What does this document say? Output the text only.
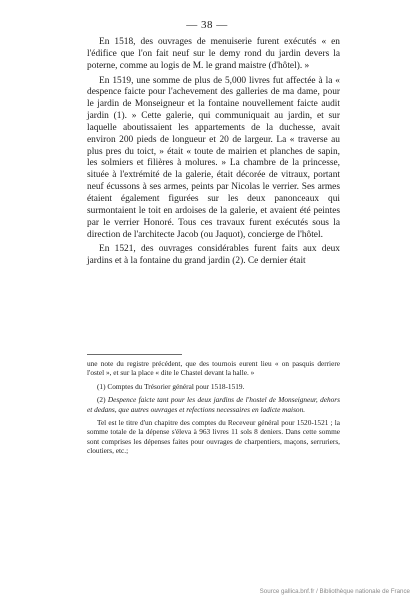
— 38 —

En 1518, des ouvrages de menuiserie furent exécutés « en l'édifice que l'on fait neuf sur le demy rond du jardin devers la poterne, comme au logis de M. le grand maistre (d'hôtel). »

En 1519, une somme de plus de 5,000 livres fut affectée à la « despence faicte pour l'achevement des galleries de ma dame, pour le jardin de Monseigneur et la fontaine nouvellement faicte audit jardin (1). » Cette galerie, qui communiquait au jardin, et sur laquelle aboutissaient les appartements de la duchesse, avait environ 200 pieds de longueur et 20 de largeur. La « traverse au plus pres du toict, » était « toute de mairien et planches de sapin, les solmiers et filières à molures. » La chambre de la princesse, située à l'extrémité de la galerie, était décorée de vitraux, portant neuf écussons à ses armes, peints par Nicolas le verrier. Ses armes étaient également figurées sur les deux panonceaux qui surmontaient le toit en ardoises de la galerie, et avaient été peintes par le verrier Honoré. Tous ces travaux furent exécutés sous la direction de l'architecte Jacob (ou Jaquot), concierge de l'hôtel.

En 1521, des ouvrages considérables furent faits aux deux jardins et à la fontaine du grand jardin (2). Ce dernier était

une note du registre précédent, que des tournois eurent lieu « on pasquis derriere l'ostel », et sur la place « dite le Chastel devant la halle. »

(1) Comptes du Trésorier général pour 1518-1519.

(2) Despence faicte tant pour les deux jardins de l'hostel de Monseigneur, dehors et dedans, que autres ouvrages et refections necessaires en ladicte maison.

Tel est le titre d'un chapitre des comptes du Receveur général pour 1520-1521 ; la somme totale de la dépense s'éleva à 963 livres 11 sols 8 deniers. Dans cette somme sont comprises les dépenses faites pour ouvrages de charpentiers, maçons, serruriers, cloutiers, etc.;

Source gallica.bnf.fr / Bibliothèque nationale de France
